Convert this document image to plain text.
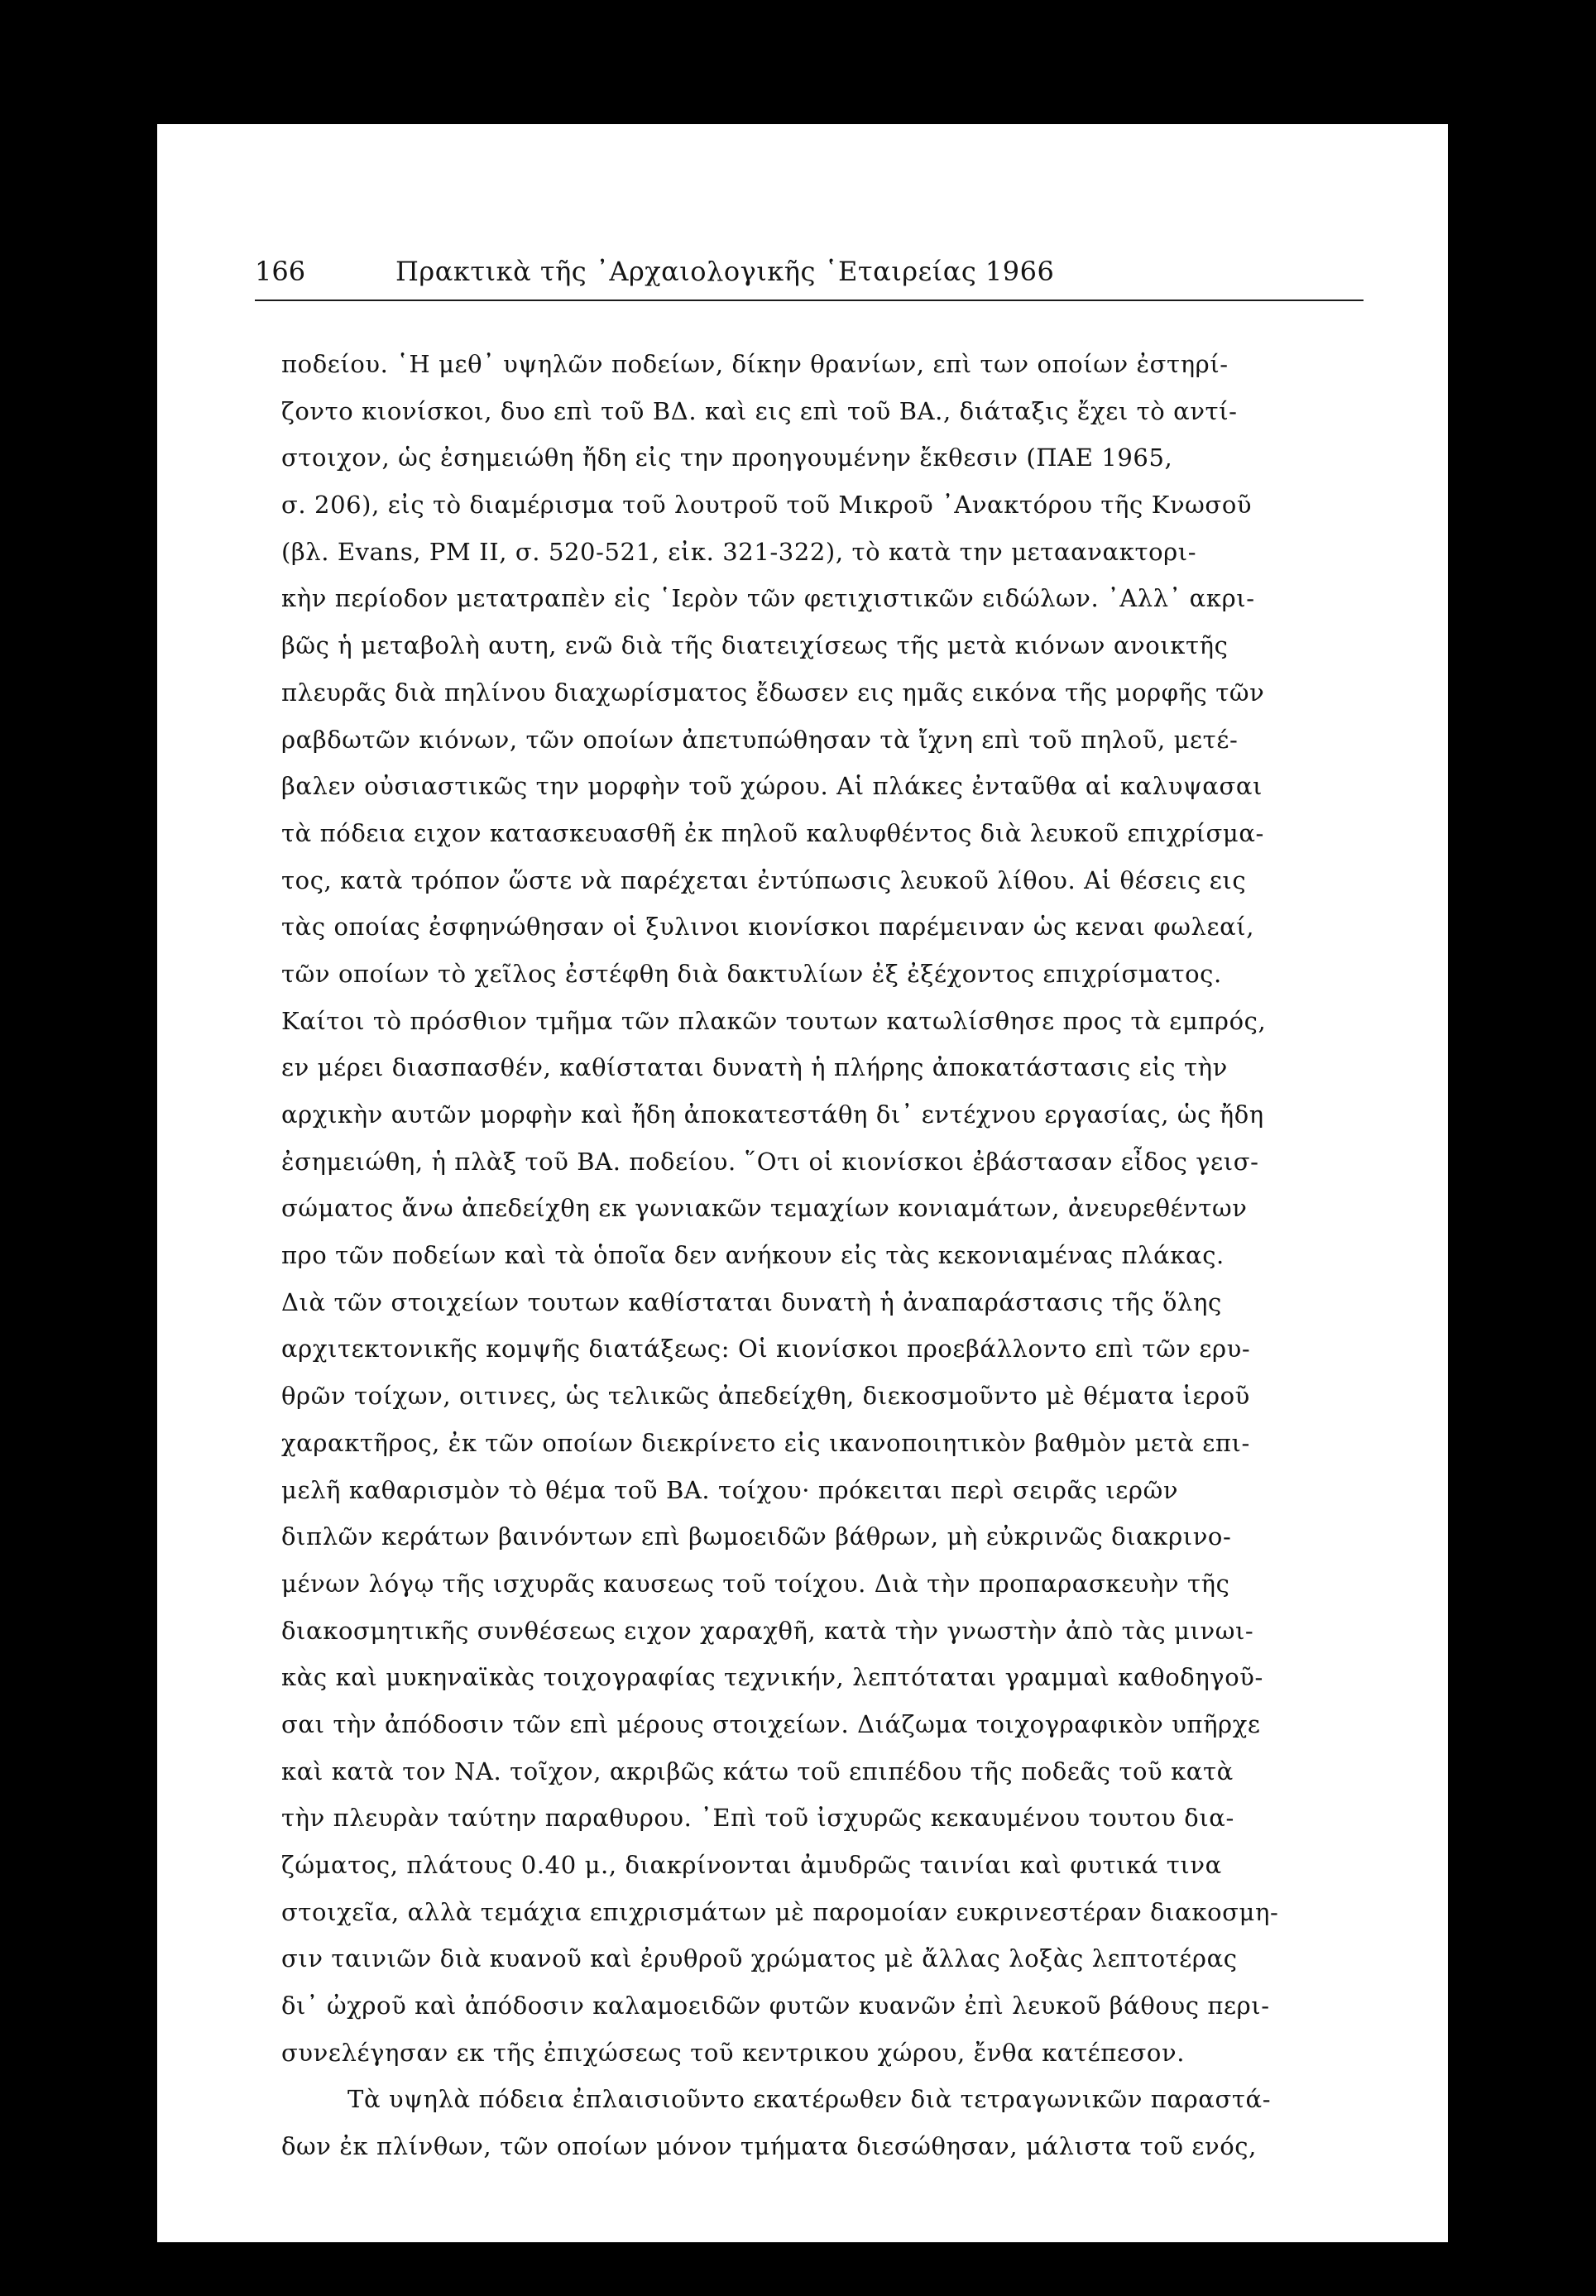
166	Πρακτικὰ τῆς ᾿Αρχαιολογικῆς ῾Εταιρείας 1966
ποδείου. ῾Η μεθ᾽ υψηλῶν ποδείων, δίκην θρανίων, επὶ των οποίων ἐστηρί-
ζοντο κιονίσκοι, δυο επὶ τοῦ ΒΔ. καὶ εις επὶ τοῦ ΒΑ., διάταξις ἔχει τὸ αντί-
στοιχον, ὡς ἐσημειώθη ἤδη εἰς την προηγουμένην ἔκθεσιν (ΠΑΕ 1965,
σ. 206), εἰς τὸ διαμέρισμα τοῦ λουτροῦ τοῦ Μικροῦ ᾿Ανακτόρου τῆς Κνωσοῦ
(βλ. Evans, PM II, σ. 520-521, εἰκ. 321-322), τὸ κατὰ την μεταανακτορι-
κὴν περίοδον μετατραπὲν εἰς ῾Ιερὸν τῶν φετιχιστικῶν ειδώλων. ᾿Αλλ᾽ ακρι-
βῶς ἡ μεταβολὴ αυτη, ενῶ διὰ τῆς διατειχίσεως τῆς μετὰ κιόνων ανοικτῆς
πλευρᾶς διὰ πηλίνου διαχωρίσματος ἔδωσεν εις ημᾶς εικόνα τῆς μορφῆς τῶν
ραβδωτῶν κιόνων, τῶν οποίων ἀπετυπώθησαν τὰ ἴχνη επὶ τοῦ πηλοῦ, μετέ-
βαλεν οὐσιαστικῶς την μορφὴν τοῦ χώρου. Αἱ πλάκες ἐνταῦθα αἱ καλυψασαι
τὰ πόδεια ειχον κατασκευασθῆ ἐκ πηλοῦ καλυφθέντος διὰ λευκοῦ επιχρίσμα-
τος, κατὰ τρόπον ὥστε νὰ παρέχεται ἐντύπωσις λευκοῦ λίθου. Αἱ θέσεις εις
τὰς οποίας ἐσφηνώθησαν οἱ ξυλινοι κιονίσκοι παρέμειναν ὡς κεναι φωλεαί,
τῶν οποίων τὸ χεῖλος ἐστέφθη διὰ δακτυλίων ἐξ ἐξέχοντος επιχρίσματος.
Καίτοι τὸ πρόσθιον τμῆμα τῶν πλακῶν τουτων κατωλίσθησε προς τὰ εμπρός,
εν μέρει διασπασθέν, καθίσταται δυνατὴ ἡ πλήρης ἀποκατάστασις εἰς τὴν
αρχικὴν αυτῶν μορφὴν καὶ ἤδη ἀποκατεστάθη δι᾽ εντέχνου εργασίας, ὡς ἤδη
ἐσημειώθη, ἡ πλὰξ τοῦ ΒΑ. ποδείου. ῞Οτι οἱ κιονίσκοι ἐβάστασαν εἶδος γεισ-
σώματος ἄνω ἀπεδείχθη εκ γωνιακῶν τεμαχίων κονιαμάτων, ἀνευρεθέντων
προ τῶν ποδείων καὶ τὰ ὁποῖα δεν ανήκουν εἰς τὰς κεκονιαμένας πλάκας.
Διὰ τῶν στοιχείων τουτων καθίσταται δυνατὴ ἡ ἀναπαράστασις τῆς ὅλης
αρχιτεκτονικῆς κομψῆς διατάξεως: Οἱ κιονίσκοι προεβάλλοντο επὶ τῶν ερυ-
θρῶν τοίχων, οιτινες, ὡς τελικῶς ἀπεδείχθη, διεκοσμοῦντο μὲ θέματα ἱεροῦ
χαρακτῆρος, ἐκ τῶν οποίων διεκρίνετο εἰς ικανοποιητικὸν βαθμὸν μετὰ επι-
μελῆ καθαρισμὸν τὸ θέμα τοῦ ΒΑ. τοίχου· πρόκειται περὶ σειρᾶς ιερῶν
διπλῶν κεράτων βαινόντων επὶ βωμοειδῶν βάθρων, μὴ εὐκρινῶς διακρινο-
μένων λόγῳ τῆς ισχυρᾶς καυσεως τοῦ τοίχου. Διὰ τὴν προπαρασκευὴν τῆς
διακοσμητικῆς συνθέσεως ειχον χαραχθῆ, κατὰ τὴν γνωστὴν ἀπὸ τὰς μινωι-
κὰς καὶ μυκηναϊκὰς τοιχογραφίας τεχνικήν, λεπτόταται γραμμαὶ καθοδηγοῦ-
σαι τὴν ἀπόδοσιν τῶν επὶ μέρους στοιχείων. Διάζωμα τοιχογραφικὸν υπῆρχε
καὶ κατὰ τον ΝΑ. τοῖχον, ακριβῶς κάτω τοῦ επιπέδου τῆς ποδεᾶς τοῦ κατὰ
τὴν πλευρὰν ταύτην παραθυρου. ᾿Επὶ τοῦ ἰσχυρῶς κεκαυμένου τουτου δια-
ζώματος, πλάτους 0.40 μ., διακρίνονται ἀμυδρῶς ταινίαι καὶ φυτικά τινα
στοιχεῖα, αλλὰ τεμάχια επιχρισμάτων μὲ παρομοίαν ευκρινεστέραν διακοσμη-
σιν ταινιῶν διὰ κυανοῦ καὶ ἐρυθροῦ χρώματος μὲ ἄλλας λοξὰς λεπτοτέρας
δι᾽ ὠχροῦ καὶ ἀπόδοσιν καλαμοειδῶν φυτῶν κυανῶν ἐπὶ λευκοῦ βάθους περι-
συνελέγησαν εκ τῆς ἐπιχώσεως τοῦ κεντρικου χώρου, ἔνθα κατέπεσον.
Τὰ υψηλὰ πόδεια ἐπλαισιοῦντο εκατέρωθεν διὰ τετραγωνικῶν παραστά-
δων ἐκ πλίνθων, τῶν οποίων μόνον τμήματα διεσώθησαν, μάλιστα τοῦ ενός,
